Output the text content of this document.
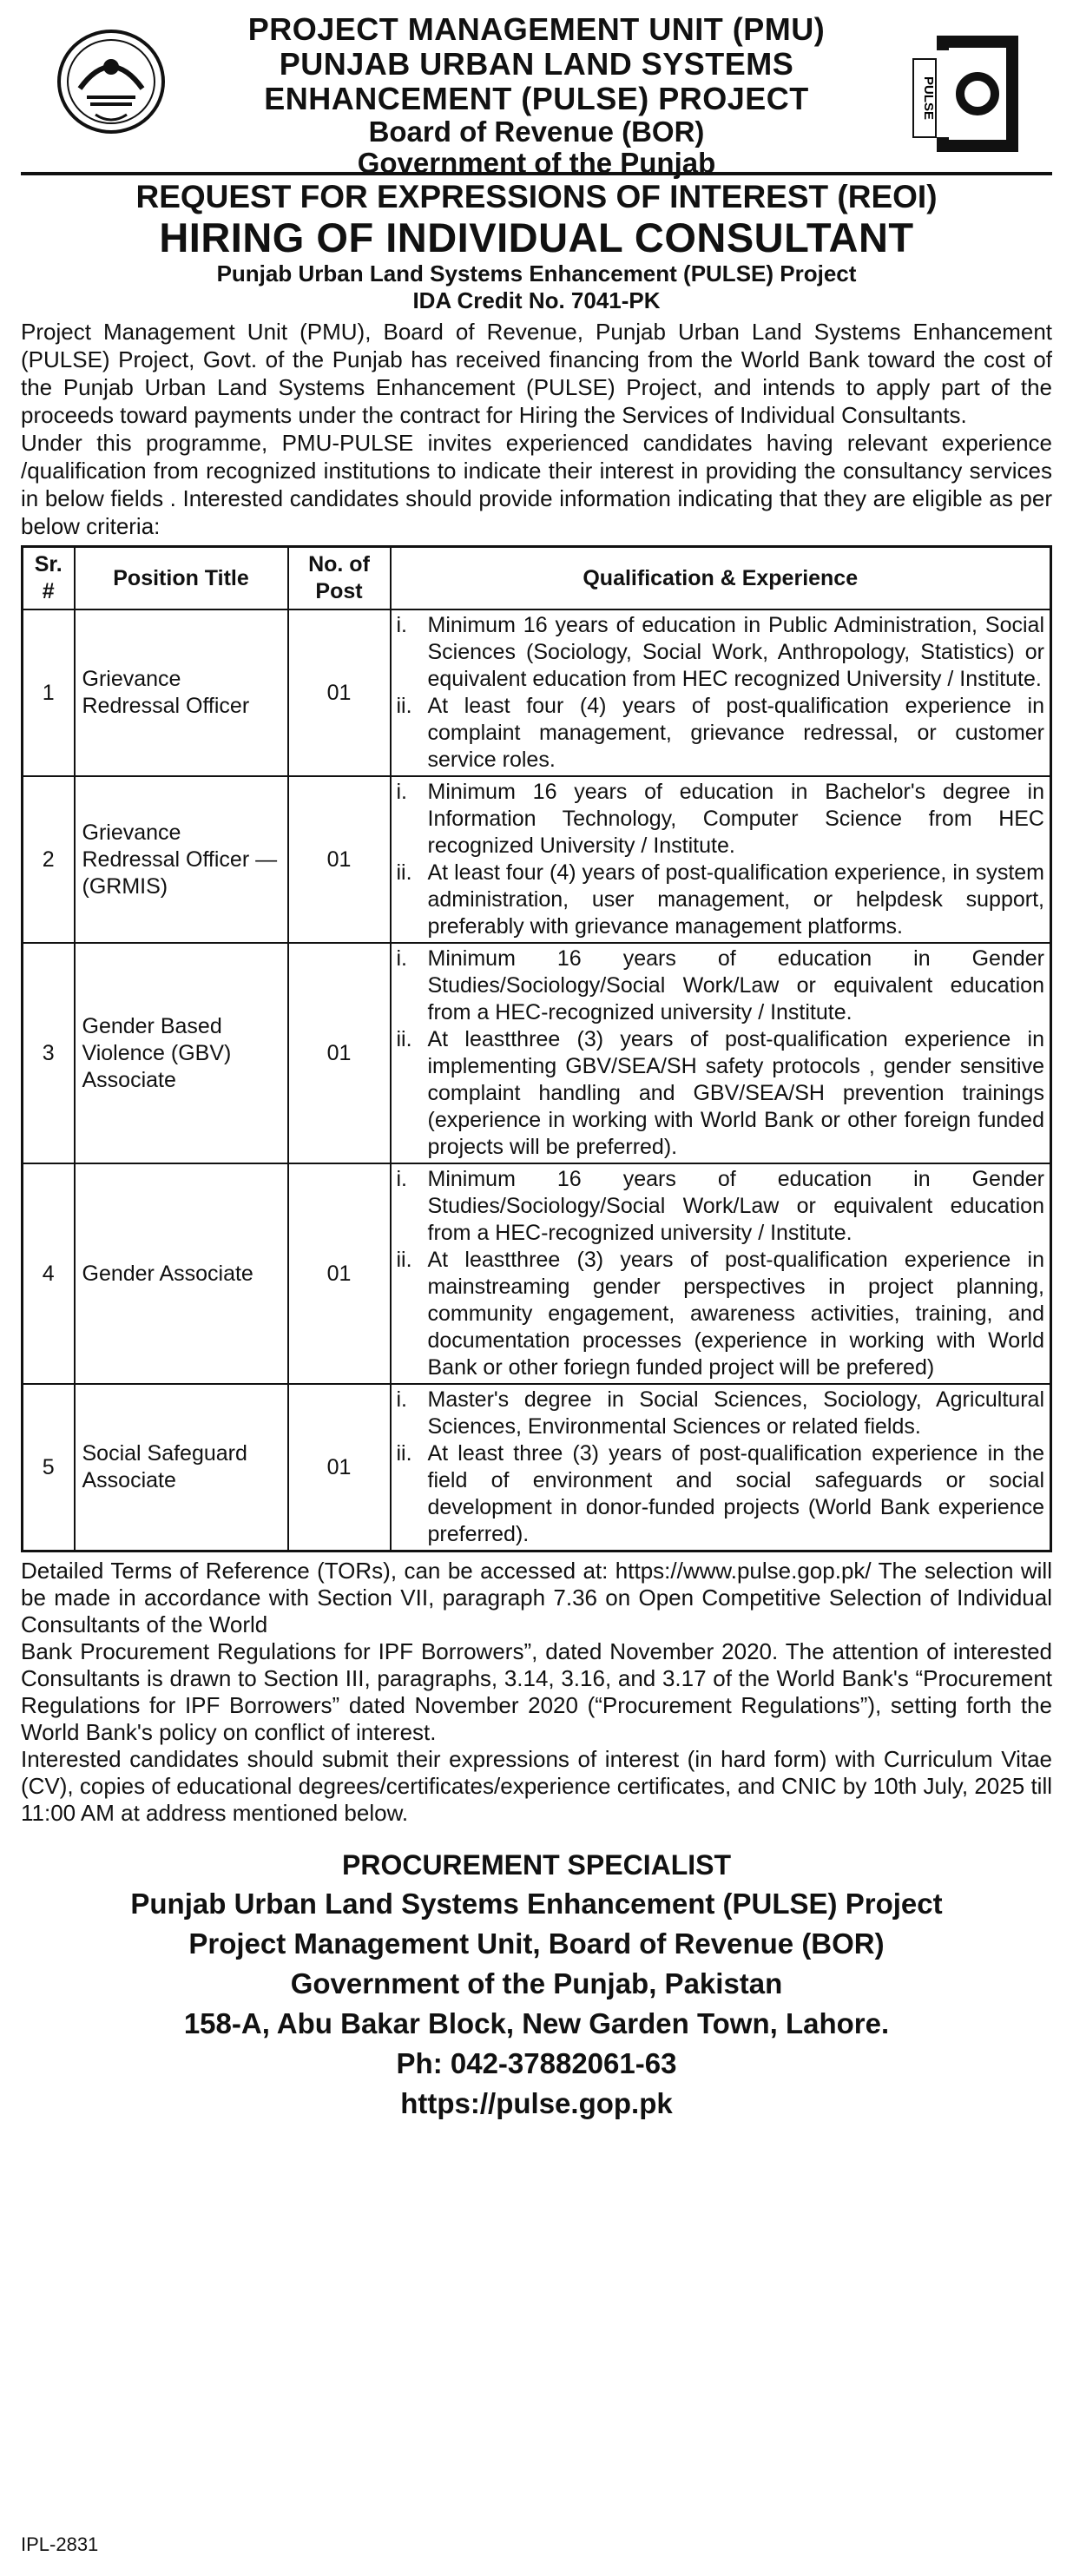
PROJECT MANAGEMENT UNIT (PMU)
PUNJAB URBAN LAND SYSTEMS
ENHANCEMENT (PULSE) PROJECT
Board of Revenue (BOR)
Government of the Punjab
PULSE
REQUEST FOR EXPRESSIONS OF INTEREST (REOI)
HIRING OF INDIVIDUAL CONSULTANT
Punjab Urban Land Systems Enhancement (PULSE) Project
IDA Credit No. 7041-PK

Project Management Unit (PMU), Board of Revenue, Punjab Urban Land Systems Enhancement (PULSE) Project, Govt. of the Punjab has received financing from the World Bank toward the cost of the Punjab Urban Land Systems Enhancement (PULSE) Project, and intends to apply part of the proceeds toward payments under the contract for Hiring the Services of Individual Consultants.

Under this programme, PMU-PULSE invites experienced candidates having relevant experience /qualification from recognized institutions to indicate their interest in providing the consultancy services in below fields . Interested candidates should provide information indicating that they are eligible as per below criteria:

Sr. #	Position Title	No. of Post	Qualification & Experience
1	Grievance Redressal Officer	01	i. Minimum 16 years of education in Public Administration, Social Sciences (Sociology, Social Work, Anthropology, Statistics) or equivalent education from HEC recognized University / Institute.
ii. At least four (4) years of post-qualification experience in complaint management, grievance redressal, or customer service roles.

2	Grievance Redressal Officer — (GRMIS)	01	i. Minimum 16 years of education in Bachelor's degree in Information Technology, Computer Science from HEC recognized University / Institute.
ii. At least four (4) years of post-qualification experience, in system administration, user management, or helpdesk support, preferably with grievance management platforms.

3	Gender Based Violence (GBV) Associate	01	i. Minimum 16 years of education in Gender Studies/Sociology/Social Work/Law or equivalent education from a HEC-recognized university / Institute.
ii. At leastthree (3) years of post-qualification experience in implementing GBV/SEA/SH safety protocols , gender sensitive complaint handling and GBV/SEA/SH prevention trainings (experience in working with World Bank or other foreign funded projects will be preferred).

4	Gender Associate	01	i. Minimum 16 years of education in Gender Studies/Sociology/Social Work/Law or equivalent education from a HEC-recognized university / Institute.
ii. At leastthree (3) years of post-qualification experience in mainstreaming gender perspectives in project planning, community engagement, awareness activities, training, and documentation processes (experience in working with World Bank or other foriegn funded project will be prefered)

5	Social Safeguard Associate	01	i. Master's degree in Social Sciences, Sociology, Agricultural Sciences, Environmental Sciences or related fields.
ii. At least three (3) years of post-qualification experience in the field of environment and social safeguards or social development in donor-funded projects (World Bank experience preferred).

Detailed Terms of Reference (TORs), can be accessed at: https://www.pulse.gop.pk/ The selection will be made in accordance with Section VII, paragraph 7.36 on Open Competitive Selection of Individual Consultants of the World

Bank Procurement Regulations for IPF Borrowers”, dated November 2020. The attention of interested Consultants is drawn to Section III, paragraphs, 3.14, 3.16, and 3.17 of the World Bank's “Procurement Regulations for IPF Borrowers” dated November 2020 (“Procurement Regulations”), setting forth the World Bank's policy on conflict of interest.

Interested candidates should submit their expressions of interest (in hard form) with Curriculum Vitae (CV), copies of educational degrees/certificates/experience certificates, and CNIC by 10th July, 2025 till 11:00 AM at address mentioned below.

PROCUREMENT SPECIALIST
Punjab Urban Land Systems Enhancement (PULSE) Project
Project Management Unit, Board of Revenue (BOR)
Government of the Punjab, Pakistan
158-A, Abu Bakar Block, New Garden Town, Lahore.
Ph: 042-37882061-63
https://pulse.gop.pk
IPL-2831
